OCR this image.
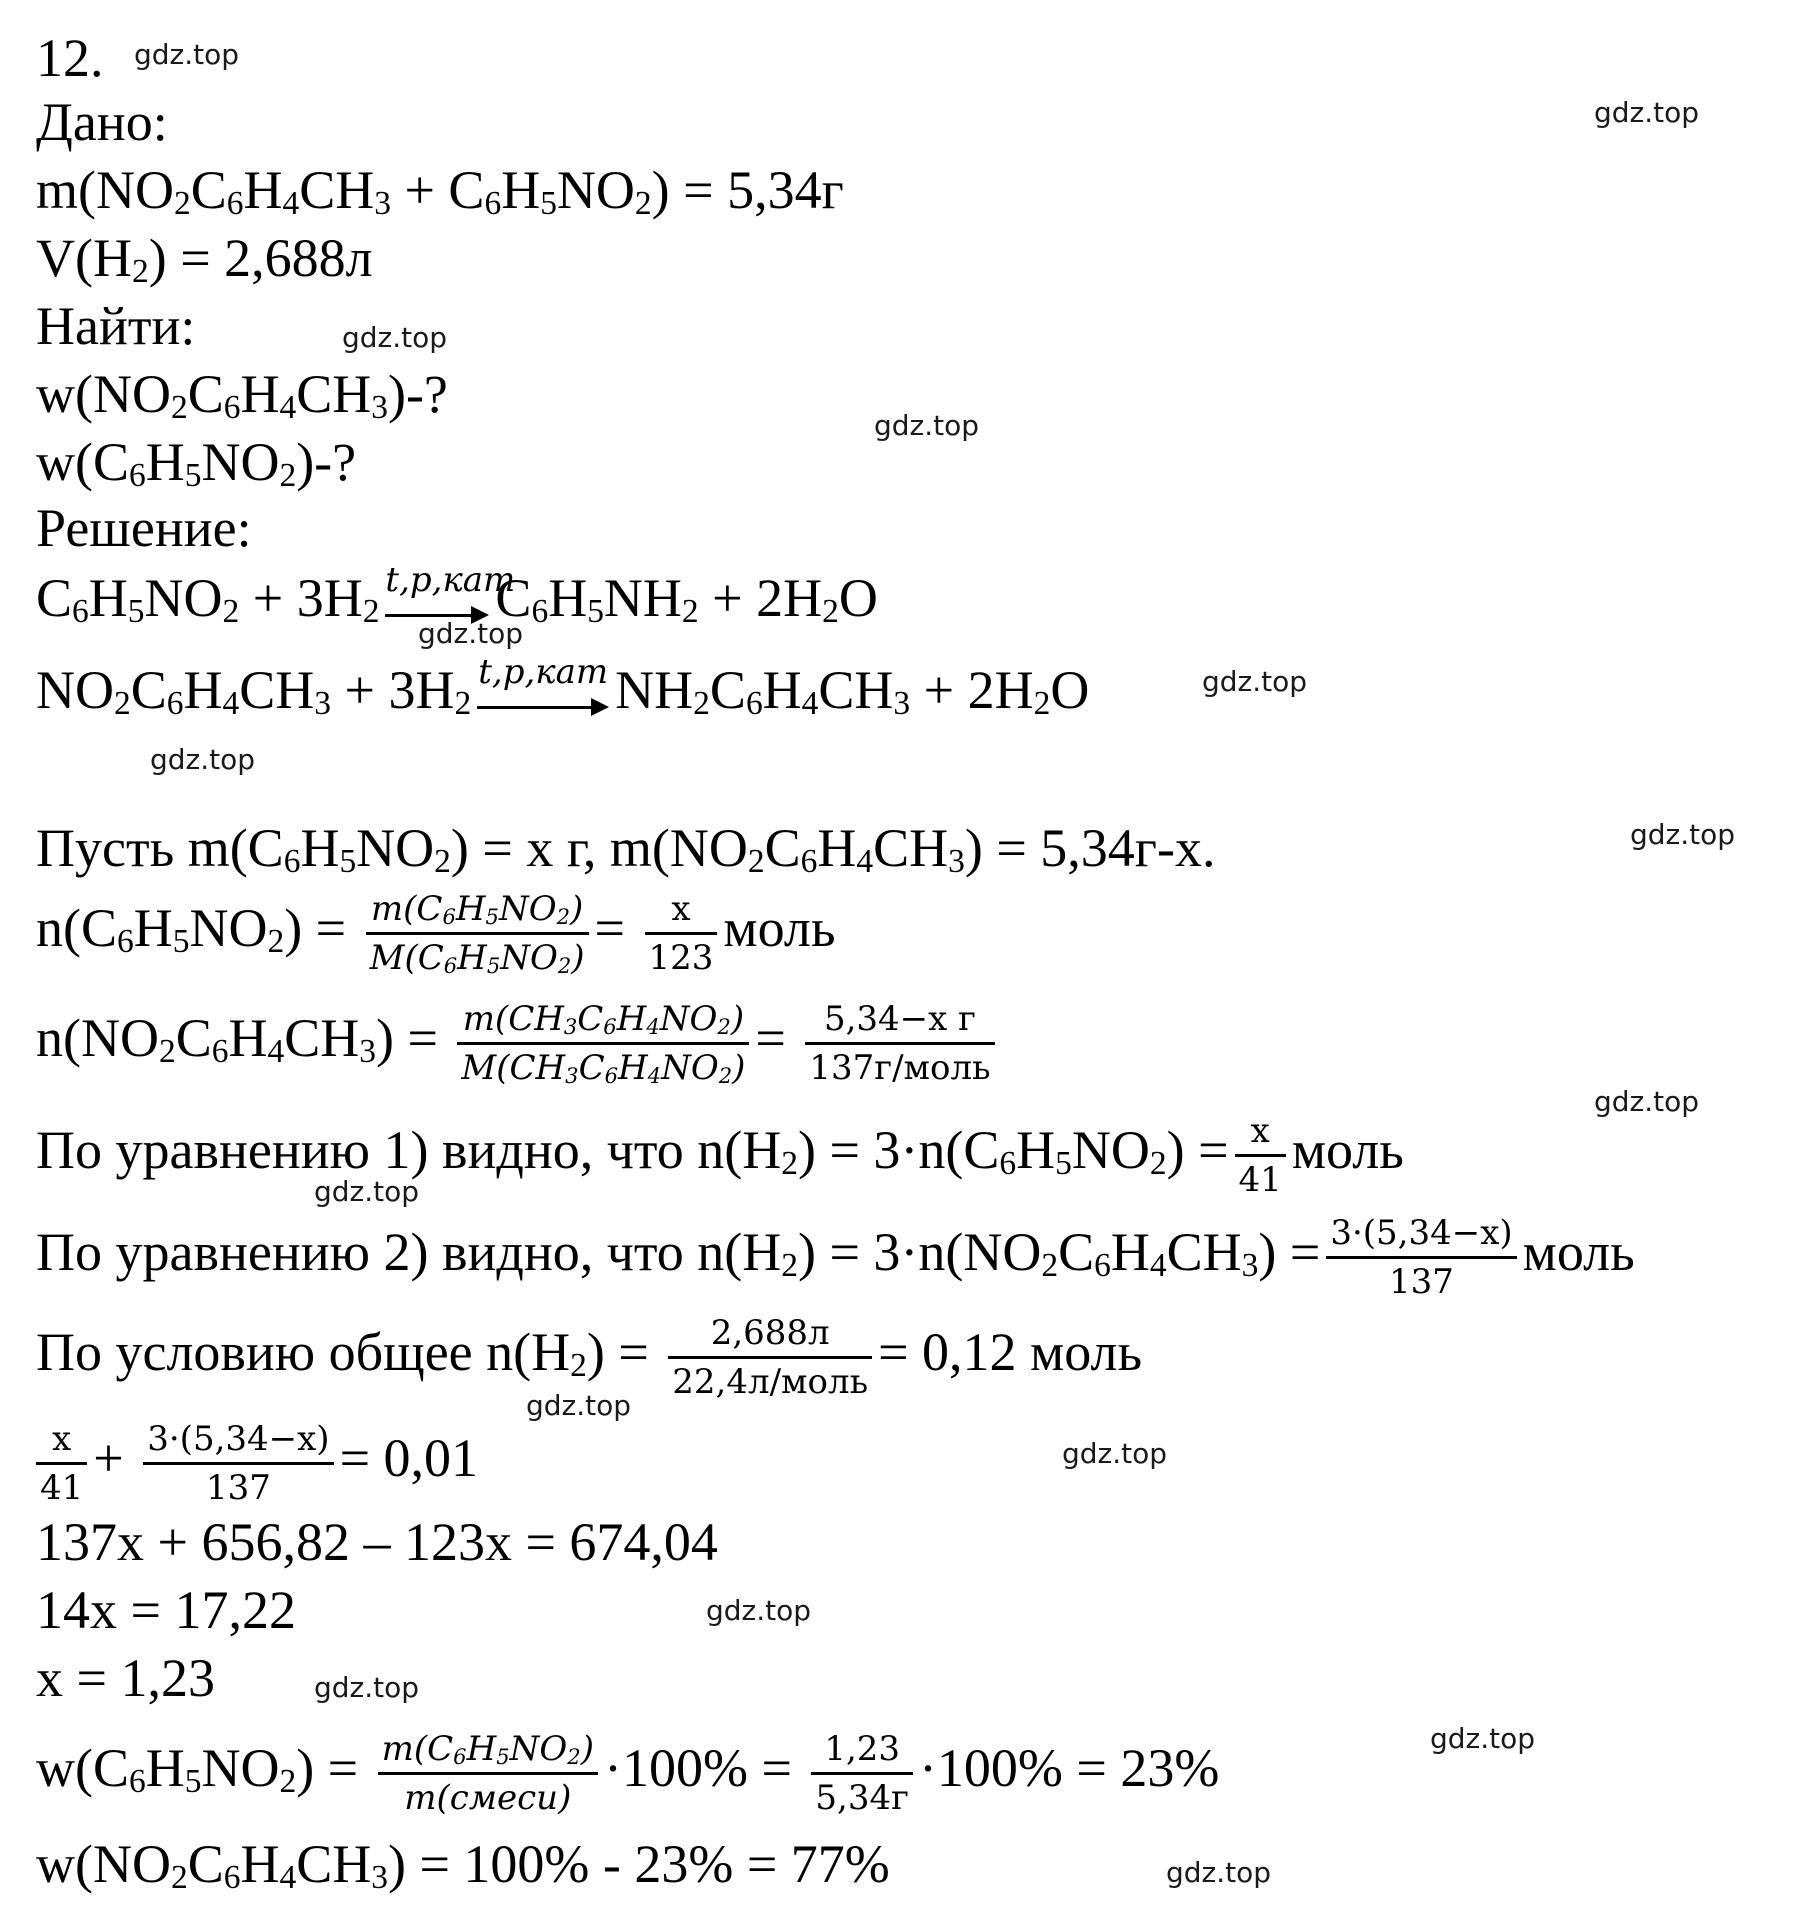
gdz.top
gdz.top
gdz.top
gdz.top
gdz.top
gdz.top
gdz.top
gdz.top
gdz.top
gdz.top
gdz.top
gdz.top
gdz.top
gdz.top
gdz.top
gdz.top
12.
Дано:
$m(NO_2C_6H_4CH_3 + C_6H_5NO_2) = 5,34г$
$V(H_2) = 2,688л$
Найти:
$w(NO_2C_6H_4CH_3)-$?
$w(C_6H_5NO_2)-$?
Решение:
$C_6H_5NO_2 + 3H_2$
t,p,кат
$C_6H_5NH_2 + 2H_2O$
$NO_2C_6H_4CH_3 + 3H_2$
t,p,кат $NH_2C_6H_4CH_3 + 2H_2O$
Пусть $m(C_6H_5NO_2) = x$ г, $m(NO_2C_6H_4CH_3) = 5,34г-x$.
$n(C_6H_5NO_2) = \frac{m(C_6H_5NO_2)}{M(C_6H_5NO_2)} = \frac{x}{123}$ моль
$n(NO_2C_6H_4CH_3) = \frac{m(CH_3C_6H_4NO_2)}{M(CH_3C_6H_4NO_2)} = \frac{\text{5,34−x г}}{\text{137г/моль}}$
По уравнению 1) видно, что $n(H_2) = 3\cdot n(C_6H_5NO_2) = \frac{x}{41}$ моль
По уравнению 2) видно, что $n(H_2) = 3\cdot n(NO_2C_6H_4CH_3) = \frac{3\cdot(5,34-x)}{137}$ моль
По условию общее $n(H_2) = \frac{2,688л}{\text{22,4л/моль}} = 0,12$ моль
$\frac{x}{41} + \frac{3\cdot(5,34-x)}{137} = 0,01$
137x + 656,82 – 123x = 674,04
14x = 17,22
x = 1,23
$w(C_6H_5NO_2) = \frac{m(C_6H_5NO_2)}{\text{m(смеси)}} \cdot 100\% = \frac{1,23}{5,34г} \cdot 100\% = 23\%$
$w(NO_2C_6H_4CH_3) = 100\% - 23\% = 77\%$
